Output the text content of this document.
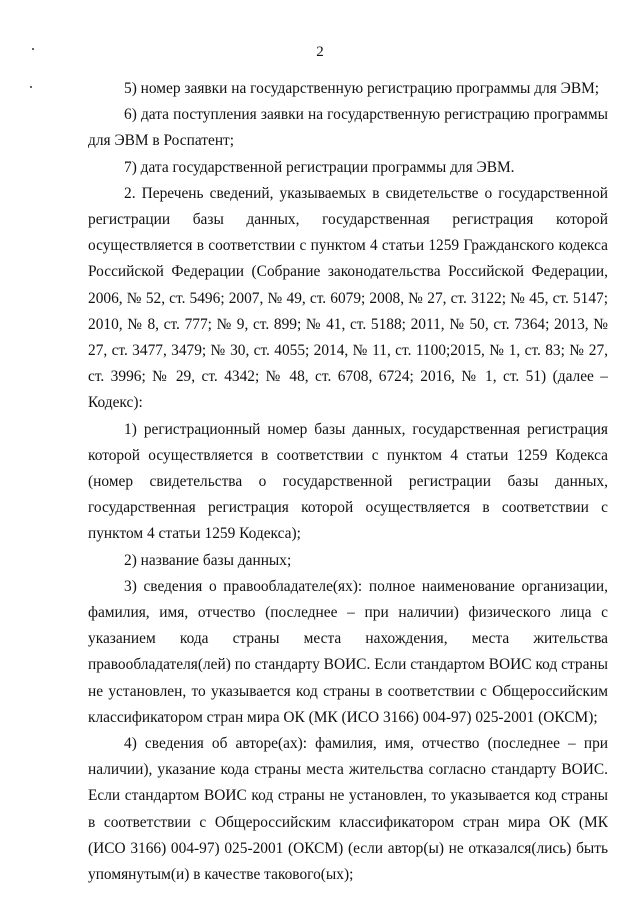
2

5) номер заявки на государственную регистрацию программы для ЭВМ;

6) дата поступления заявки на государственную регистрацию программы для ЭВМ в Роспатент;

7) дата государственной регистрации программы для ЭВМ.

2. Перечень сведений, указываемых в свидетельстве о государственной регистрации базы данных, государственная регистрация которой осуществляется в соответствии с пунктом 4 статьи 1259 Гражданского кодекса Российской Федерации (Собрание законодательства Российской Федерации, 2006, № 52, ст. 5496; 2007, № 49, ст. 6079; 2008, № 27, ст. 3122; № 45, ст. 5147; 2010, № 8, ст. 777; № 9, ст. 899; № 41, ст. 5188; 2011, № 50, ст. 7364; 2013, № 27, ст. 3477, 3479; № 30, ст. 4055; 2014, № 11, ст. 1100;2015, № 1, ст. 83; № 27, ст. 3996; № 29, ст. 4342; № 48, ст. 6708, 6724; 2016, № 1, ст. 51) (далее – Кодекс):

1) регистрационный номер базы данных, государственная регистрация которой осуществляется в соответствии с пунктом 4 статьи 1259 Кодекса (номер свидетельства о государственной регистрации базы данных, государственная регистрация которой осуществляется в соответствии с пунктом 4 статьи 1259 Кодекса);

2) название базы данных;

3) сведения о правообладателе(ях): полное наименование организации, фамилия, имя, отчество (последнее – при наличии) физического лица с указанием кода страны места нахождения, места жительства правообладателя(лей) по стандарту ВОИС. Если стандартом ВОИС код страны не установлен, то указывается код страны в соответствии с Общероссийским классификатором стран мира ОК (МК (ИСО 3166) 004-97) 025-2001 (ОКСМ);

4) сведения об авторе(ах): фамилия, имя, отчество (последнее – при наличии), указание кода страны места жительства согласно стандарту ВОИС. Если стандартом ВОИС код страны не установлен, то указывается код страны в соответствии с Общероссийским классификатором стран мира ОК (МК (ИСО 3166) 004-97) 025-2001 (ОКСМ) (если автор(ы) не отказался(лись) быть упомянутым(и) в качестве такового(ых);
